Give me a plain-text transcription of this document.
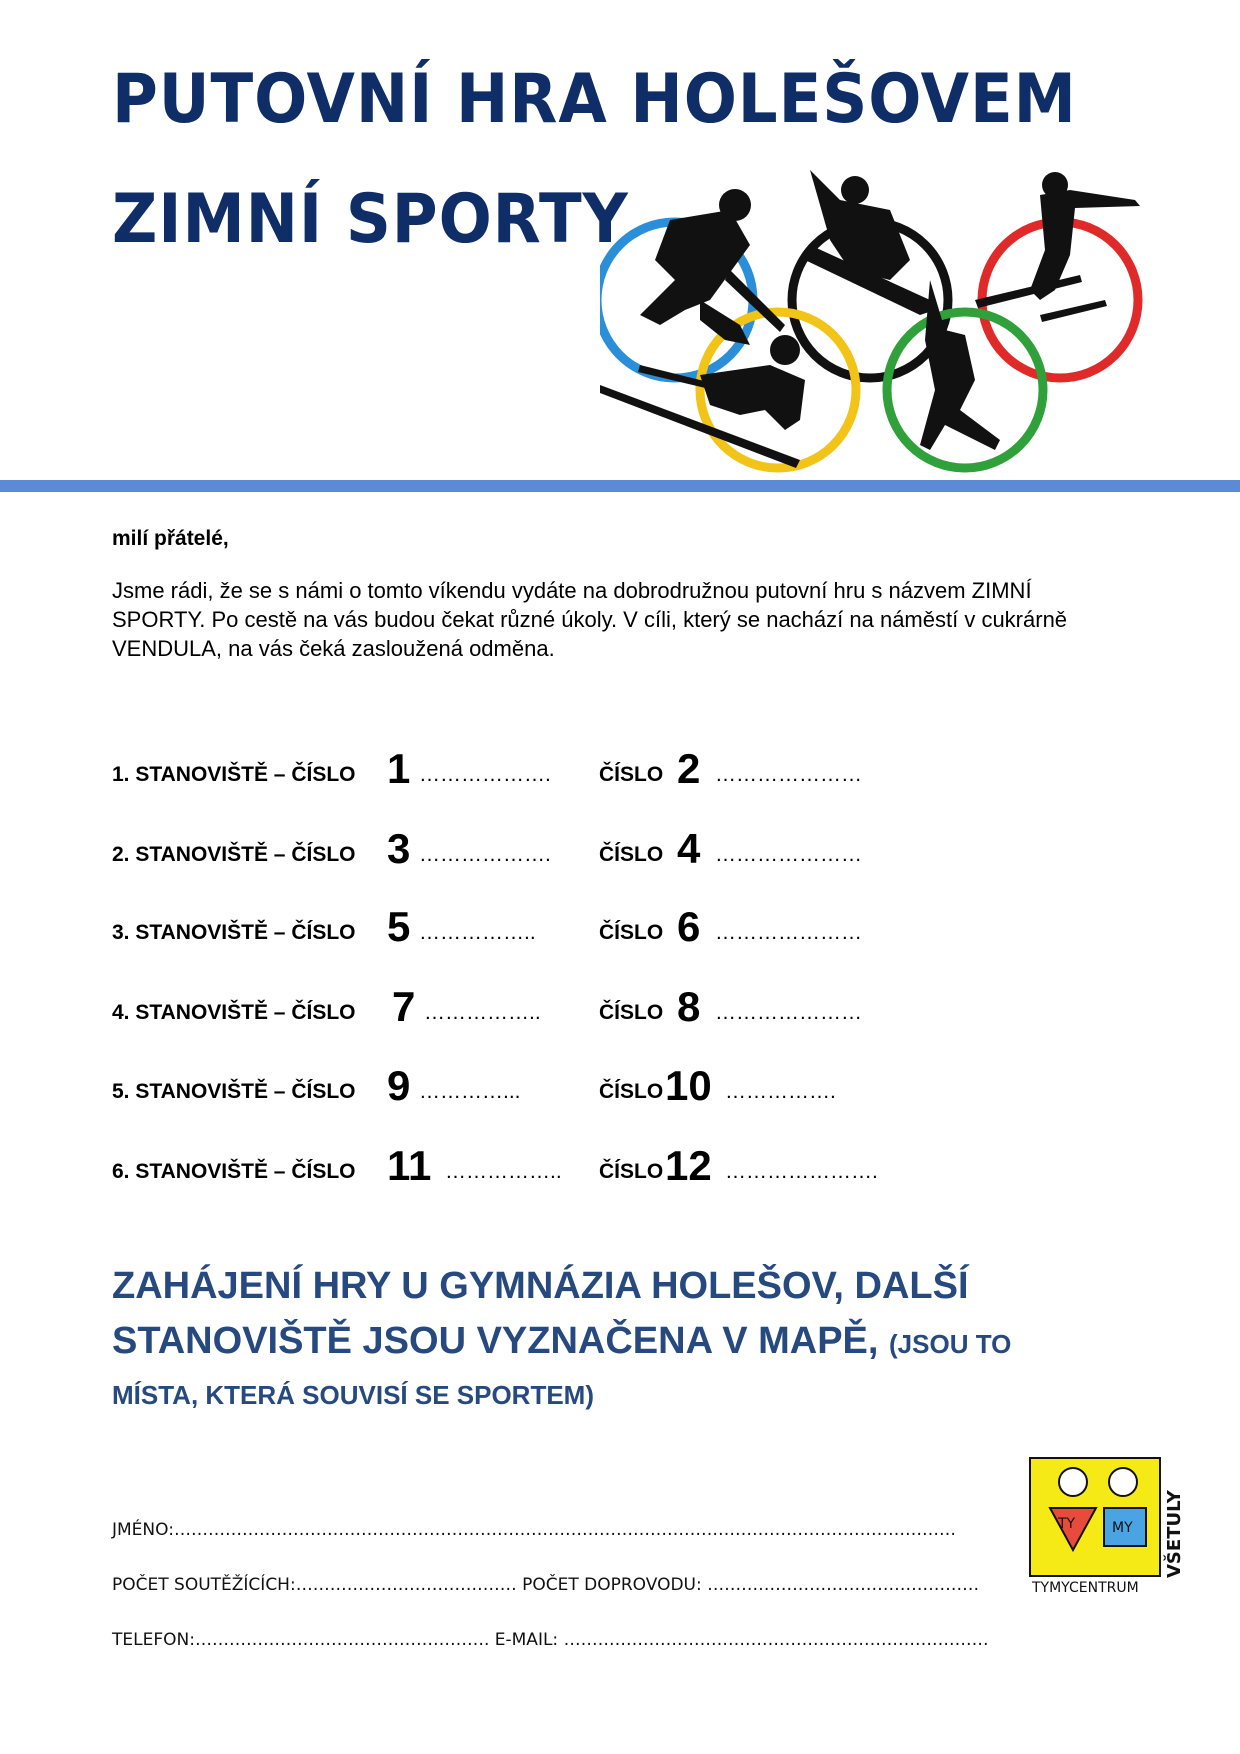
PUTOVNÍ HRA HOLEŠOVEM
ZIMNÍ SPORTY

milí přátelé,

Jsme rádi, že se s námi o tomto víkendu vydáte na dobrodružnou putovní hru s názvem ZIMNÍ SPORTY. Po cestě na vás budou čekat různé úkoly. V cíli, který se nachází na náměstí v cukrárně VENDULA, na vás čeká zasloužená odměna.

1. STANOVIŠTĚ – ČÍSLO 1 ………………. ČÍSLO 2 …………………
2. STANOVIŠTĚ – ČÍSLO 3 ………………. ČÍSLO 4 …………………
3. STANOVIŠTĚ – ČÍSLO 5 ……………..	ČÍSLO 6 …………………
4. STANOVIŠTĚ – ČÍSLO 7 ……………..	ČÍSLO 8 …………………
5. STANOVIŠTĚ – ČÍSLO 9 …………...	ČÍSLO 10 …………….
6. STANOVIŠTĚ – ČÍSLO 11 …………….. ČÍSLO 12 ………………….

ZAHÁJENÍ HRY U GYMNÁZIA HOLEŠOV, DALŠÍ

STANOVIŠTĚ JSOU VYZNAČENA V MAPĚ, (JSOU TO

MÍSTA, KTERÁ SOUVISÍ SE SPORTEM)

JMÉNO:…………………………………………………………………………………………………………………………
POČET SOUTĚŽÍCÍCH:………………………………… POČET DOPROVODU: …………………………………………
TELEFON:……………………………………………. E-MAIL: …………………………………………………………………
TY	MY
TYMYCENTRUM
VŠETULY
